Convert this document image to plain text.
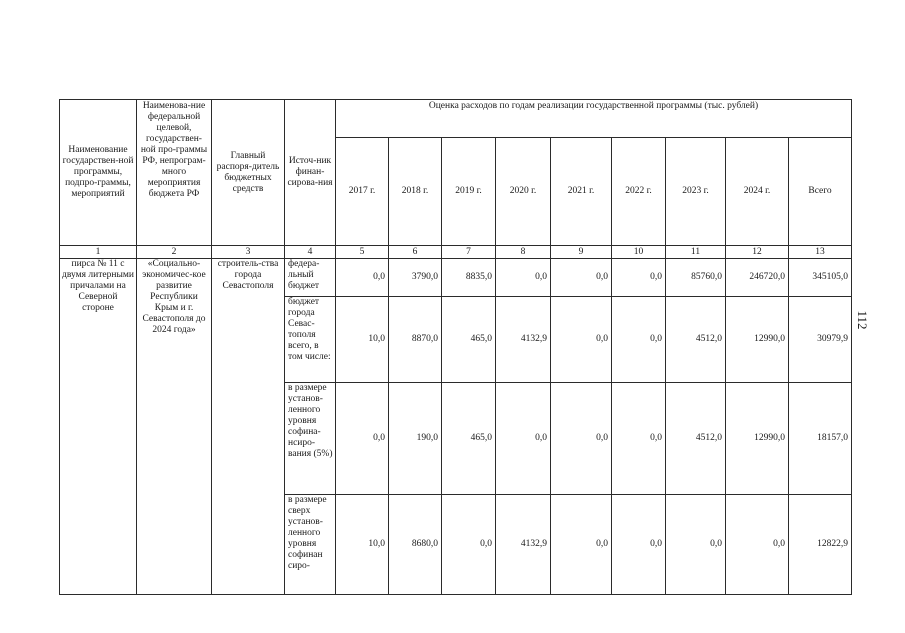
Наименование государствен-ной программы, подпро-граммы, мероприятий	Наименова-ние федеральной целевой, государствен-ной про-граммы РФ, непрограм-много мероприятия бюджета РФ	Главный распоря-дитель бюджетных средств	Источ-ник финан-сирова-ния	Оценка расходов по годам реализации государственной программы (тыс. рублей)								
				2017 г.	2018 г.	2019 г.	2020 г.	2021 г.	2022 г.	2023 г.	2024 г.	Всего
1	2	3	4	5	6	7	8	9	10	11	12	13
пирса № 11 с двумя литерными причалами на Северной стороне	«Социально-экономичес-кое развитие Республики Крым и г. Севастополя до 2024 года»	строитель-ства города Севастополя	федера-льный бюджет	0,0	3790,0	8835,0	0,0	0,0	0,0	85760,0	246720,0	345105,0
			бюджет города Севас-тополя всего, в том числе:	10,0	8870,0	465,0	4132,9	0,0	0,0	4512,0	12990,0	30979,9
			в размере установ-ленного уровня софина-нсиро-вания (5%)	0,0	190,0	465,0	0,0	0,0	0,0	4512,0	12990,0	18157,0
			в размере сверх установ-ленного уровня софинан сиро-	10,0	8680,0	0,0	4132,9	0,0	0,0	0,0	0,0	12822,9
112
